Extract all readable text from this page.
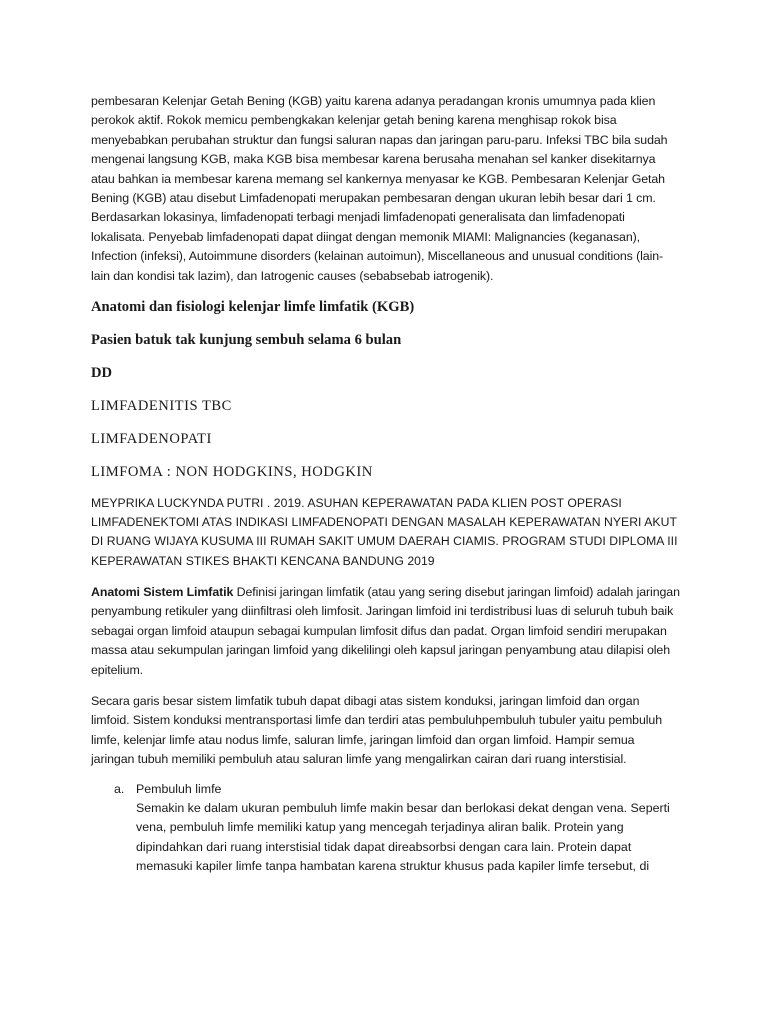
pembesaran Kelenjar Getah Bening (KGB) yaitu karena adanya peradangan kronis umumnya pada klien perokok aktif. Rokok memicu pembengkakan kelenjar getah bening karena menghisap rokok bisa menyebabkan perubahan struktur dan fungsi saluran napas dan jaringan paru-paru. Infeksi TBC bila sudah mengenai langsung KGB, maka KGB bisa membesar karena berusaha menahan sel kanker disekitarnya atau bahkan ia membesar karena memang sel kankernya menyasar ke KGB. Pembesaran Kelenjar Getah Bening (KGB) atau disebut Limfadenopati merupakan pembesaran dengan ukuran lebih besar dari 1 cm. Berdasarkan lokasinya, limfadenopati terbagi menjadi limfadenopati generalisata dan limfadenopati lokalisata. Penyebab limfadenopati dapat diingat dengan memonik MIAMI: Malignancies (keganasan), Infection (infeksi), Autoimmune disorders (kelainan autoimun), Miscellaneous and unusual conditions (lain-lain dan kondisi tak lazim), dan Iatrogenic causes (sebabsebab iatrogenik).

Anatomi dan fisiologi kelenjar limfe limfatik (KGB)

Pasien batuk tak kunjung sembuh selama 6 bulan

DD

LIMFADENITIS TBC

LIMFADENOPATI

LIMFOMA : NON HODGKINS, HODGKIN

MEYPRIKA LUCKYNDA PUTRI . 2019. ASUHAN KEPERAWATAN PADA KLIEN POST OPERASI LIMFADENEKTOMI ATAS INDIKASI LIMFADENOPATI DENGAN MASALAH KEPERAWATAN NYERI AKUT DI RUANG WIJAYA KUSUMA III RUMAH SAKIT UMUM DAERAH CIAMIS. PROGRAM STUDI DIPLOMA III KEPERAWATAN STIKES BHAKTI KENCANA BANDUNG 2019

Anatomi Sistem Limfatik Definisi jaringan limfatik (atau yang sering disebut jaringan limfoid) adalah jaringan penyambung retikuler yang diinfiltrasi oleh limfosit. Jaringan limfoid ini terdistribusi luas di seluruh tubuh baik sebagai organ limfoid ataupun sebagai kumpulan limfosit difus dan padat. Organ limfoid sendiri merupakan massa atau sekumpulan jaringan limfoid yang dikelilingi oleh kapsul jaringan penyambung atau dilapisi oleh epitelium.

Secara garis besar sistem limfatik tubuh dapat dibagi atas sistem konduksi, jaringan limfoid dan organ limfoid. Sistem konduksi mentransportasi limfe dan terdiri atas pembuluhpembuluh tubuler yaitu pembuluh limfe, kelenjar limfe atau nodus limfe, saluran limfe, jaringan limfoid dan organ limfoid. Hampir semua jaringan tubuh memiliki pembuluh atau saluran limfe yang mengalirkan cairan dari ruang interstisial.

a. Pembuluh limfe
Semakin ke dalam ukuran pembuluh limfe makin besar dan berlokasi dekat dengan vena. Seperti vena, pembuluh limfe memiliki katup yang mencegah terjadinya aliran balik. Protein yang dipindahkan dari ruang interstisial tidak dapat direabsorbsi dengan cara lain. Protein dapat memasuki kapiler limfe tanpa hambatan karena struktur khusus pada kapiler limfe tersebut, di
